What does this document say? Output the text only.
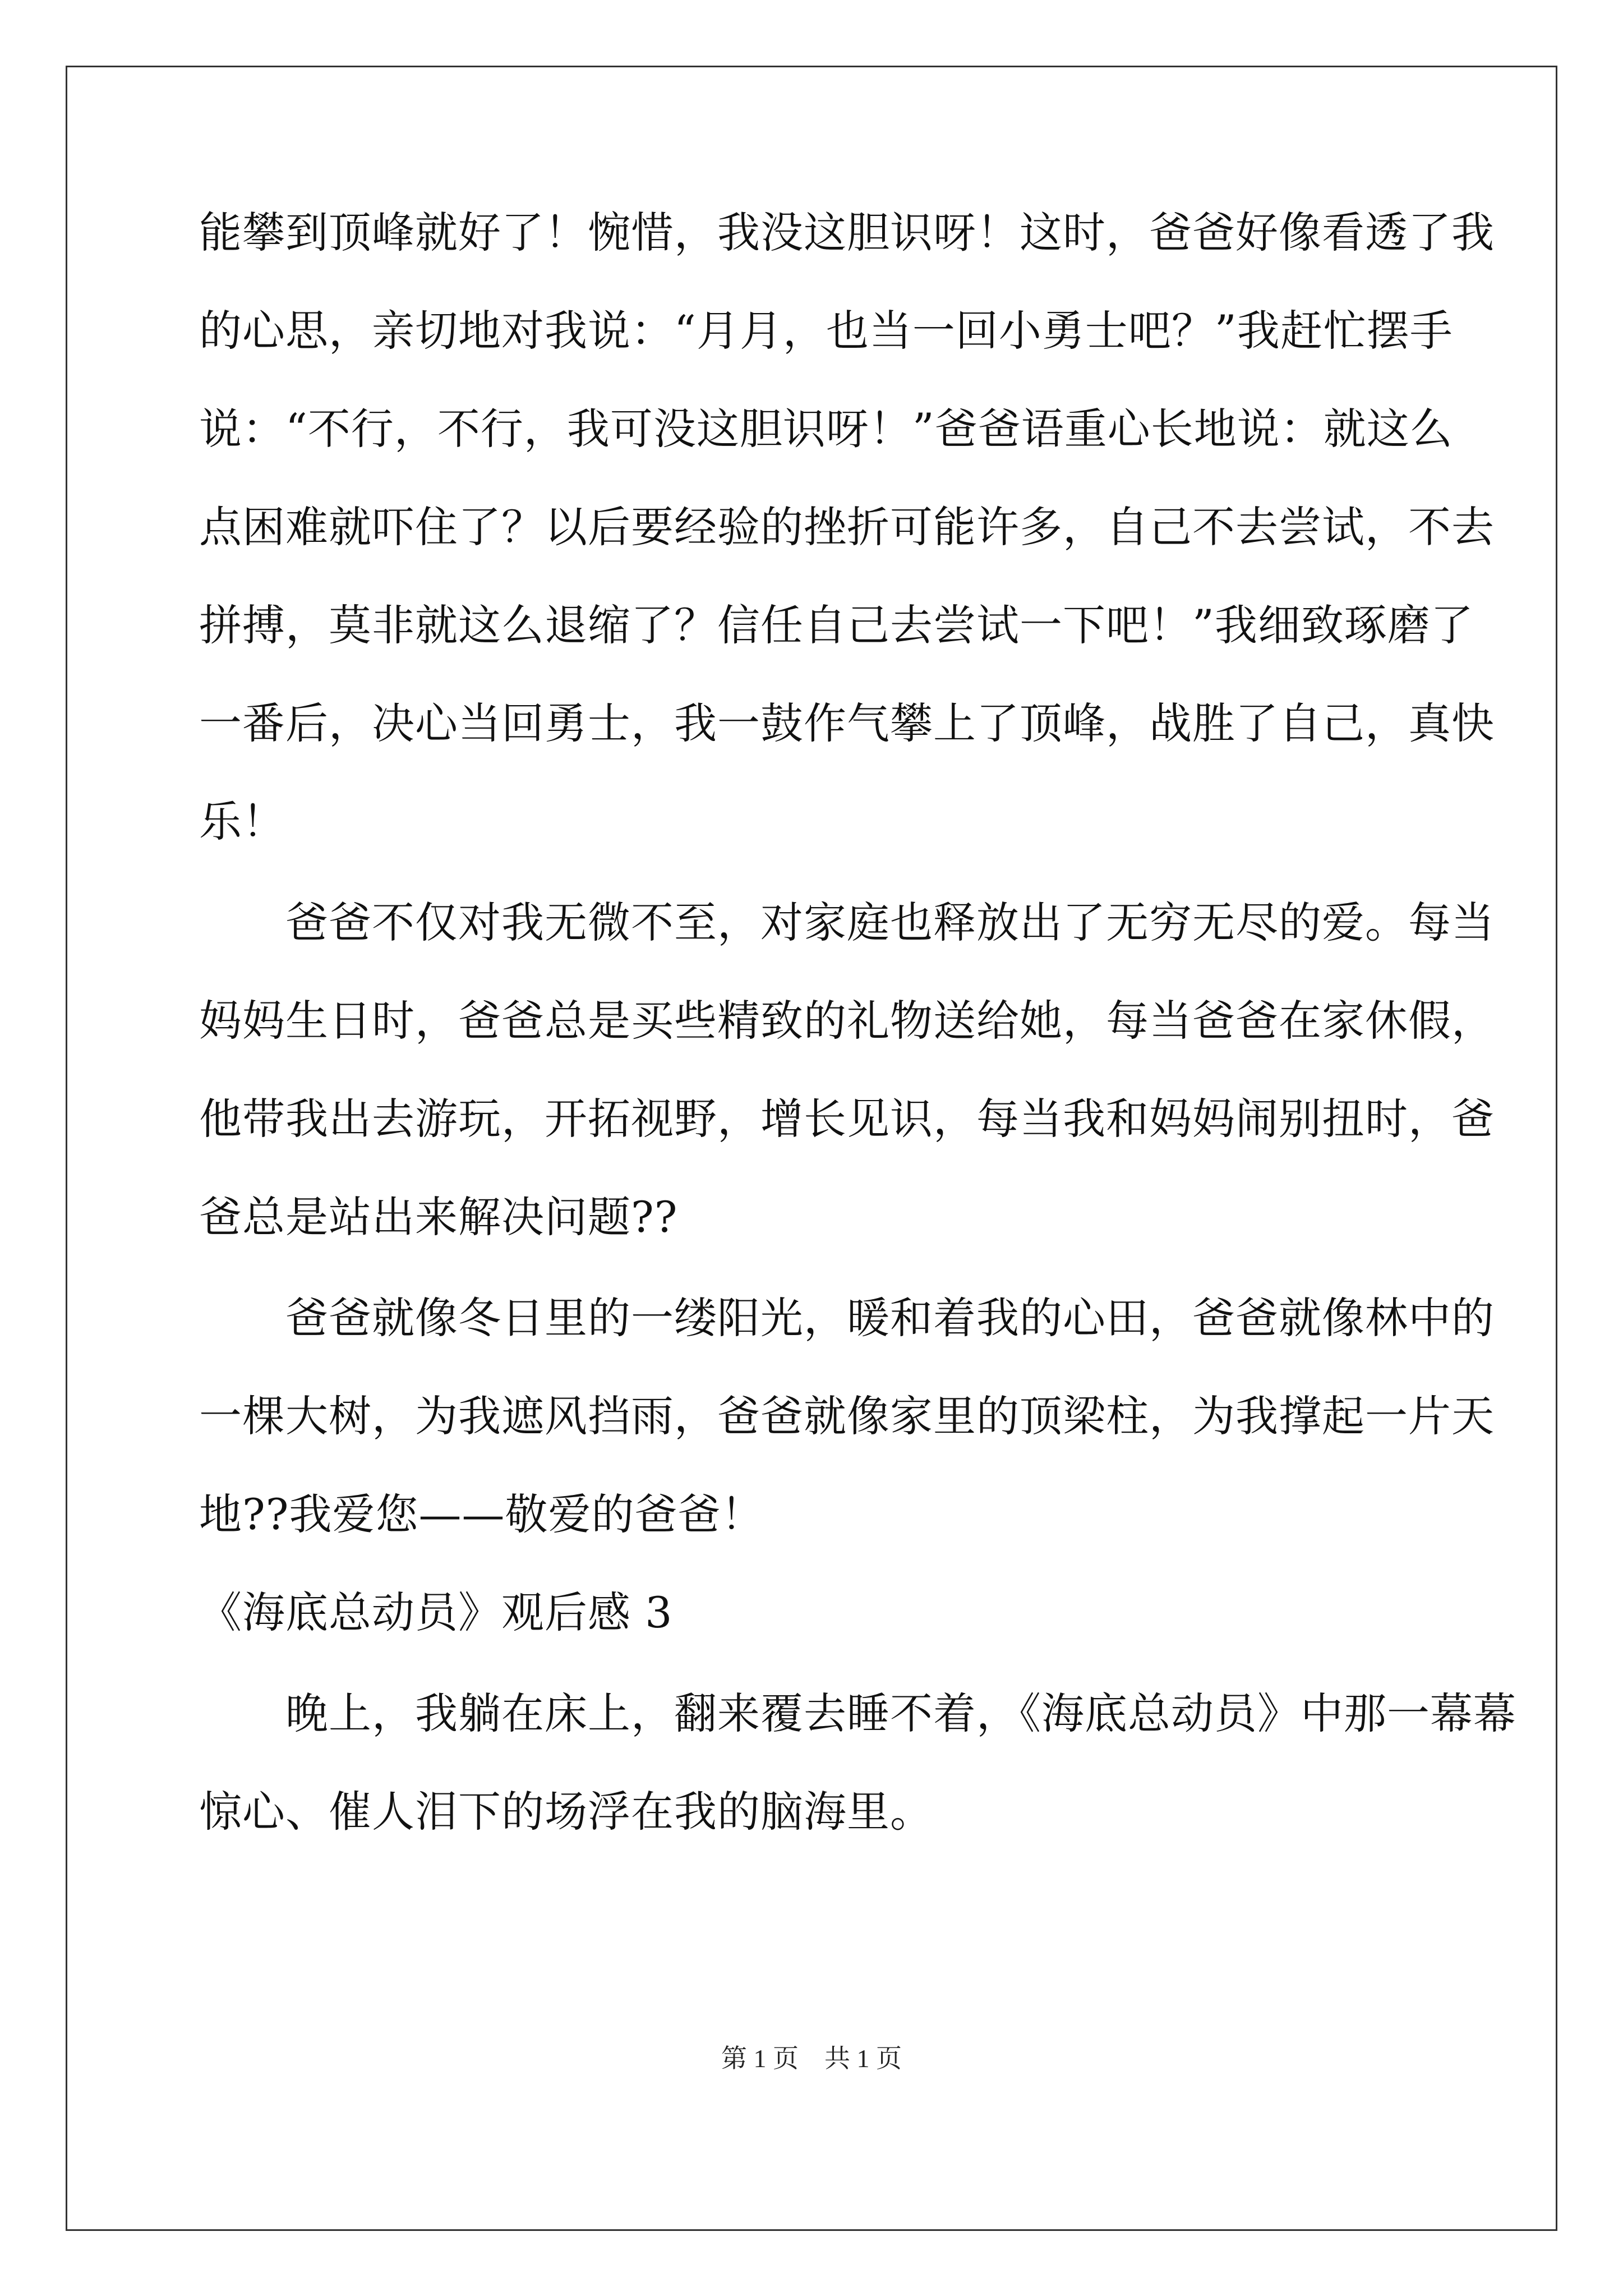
能攀到顶峰就好了！惋惜，我没这胆识呀！这时，爸爸好像看透了我
的心思，亲切地对我说：“月月，也当一回小勇士吧？”我赶忙摆手
说：“不行，不行，我可没这胆识呀！”爸爸语重心长地说：就这么
点困难就吓住了？以后要经验的挫折可能许多，自己不去尝试，不去
拼搏，莫非就这么退缩了？信任自己去尝试一下吧！”我细致琢磨了
一番后，决心当回勇士，我一鼓作气攀上了顶峰，战胜了自己，真快
乐！
　　爸爸不仅对我无微不至，对家庭也释放出了无穷无尽的爱。每当
妈妈生日时，爸爸总是买些精致的礼物送给她，每当爸爸在家休假，
他带我出去游玩，开拓视野，增长见识，每当我和妈妈闹别扭时，爸
爸总是站出来解决问题??
　　爸爸就像冬日里的一缕阳光，暖和着我的心田，爸爸就像林中的
一棵大树，为我遮风挡雨，爸爸就像家里的顶梁柱，为我撑起一片天
地??我爱您——敬爱的爸爸！
《海底总动员》观后感 3
　　晚上，我躺在床上，翻来覆去睡不着，《海底总动员》中那一幕幕
惊心、催人泪下的场浮在我的脑海里。
第 1 页　共 1 页
